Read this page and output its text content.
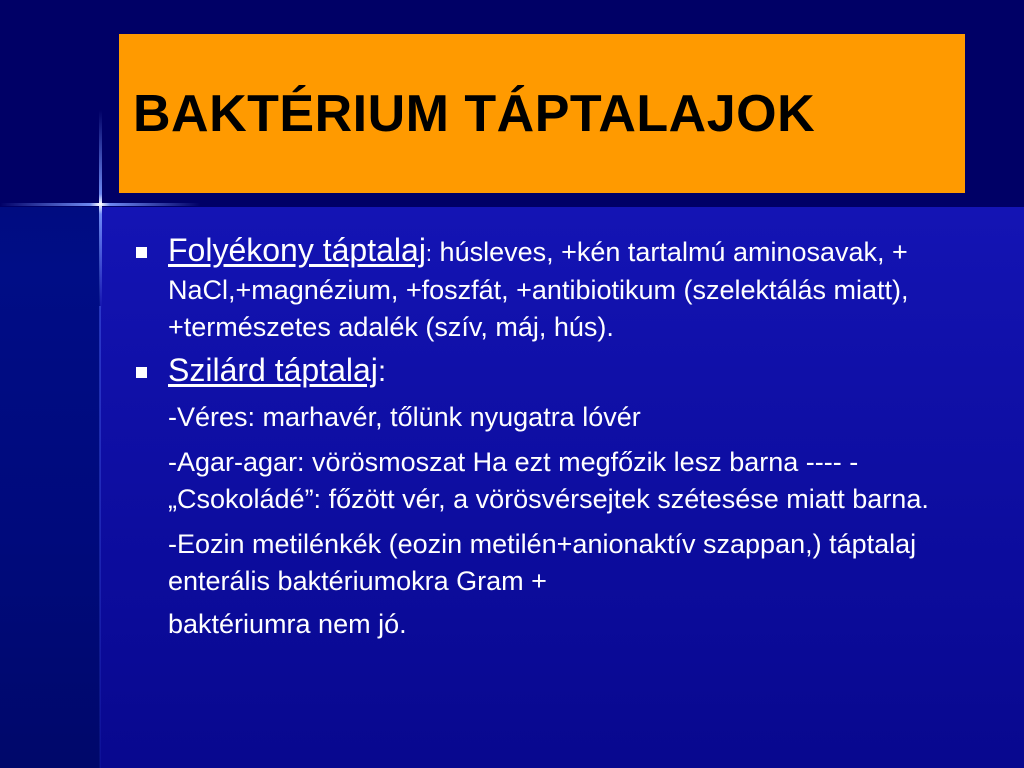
BAKTÉRIUM TÁPTALAJOK
Folyékony táptalaj: húsleves, +kén tartalmú aminosavak, + NaCl,+magnézium, +foszfát, +antibiotikum (szelektálás miatt), +természetes adalék (szív, máj, hús).
Szilárd táptalaj:
-Véres: marhavér, tőlünk nyugatra lóvér
-Agar-agar: vörösmoszat Ha ezt megfőzik lesz barna ---- -„Csokoládé”: főzött vér, a vörösvérsejtek szétesése miatt barna.
-Eozin metilénkék (eozin metilén+anionaktív szappan,) táptalaj enterális baktériumokra Gram +
baktériumra nem jó.
